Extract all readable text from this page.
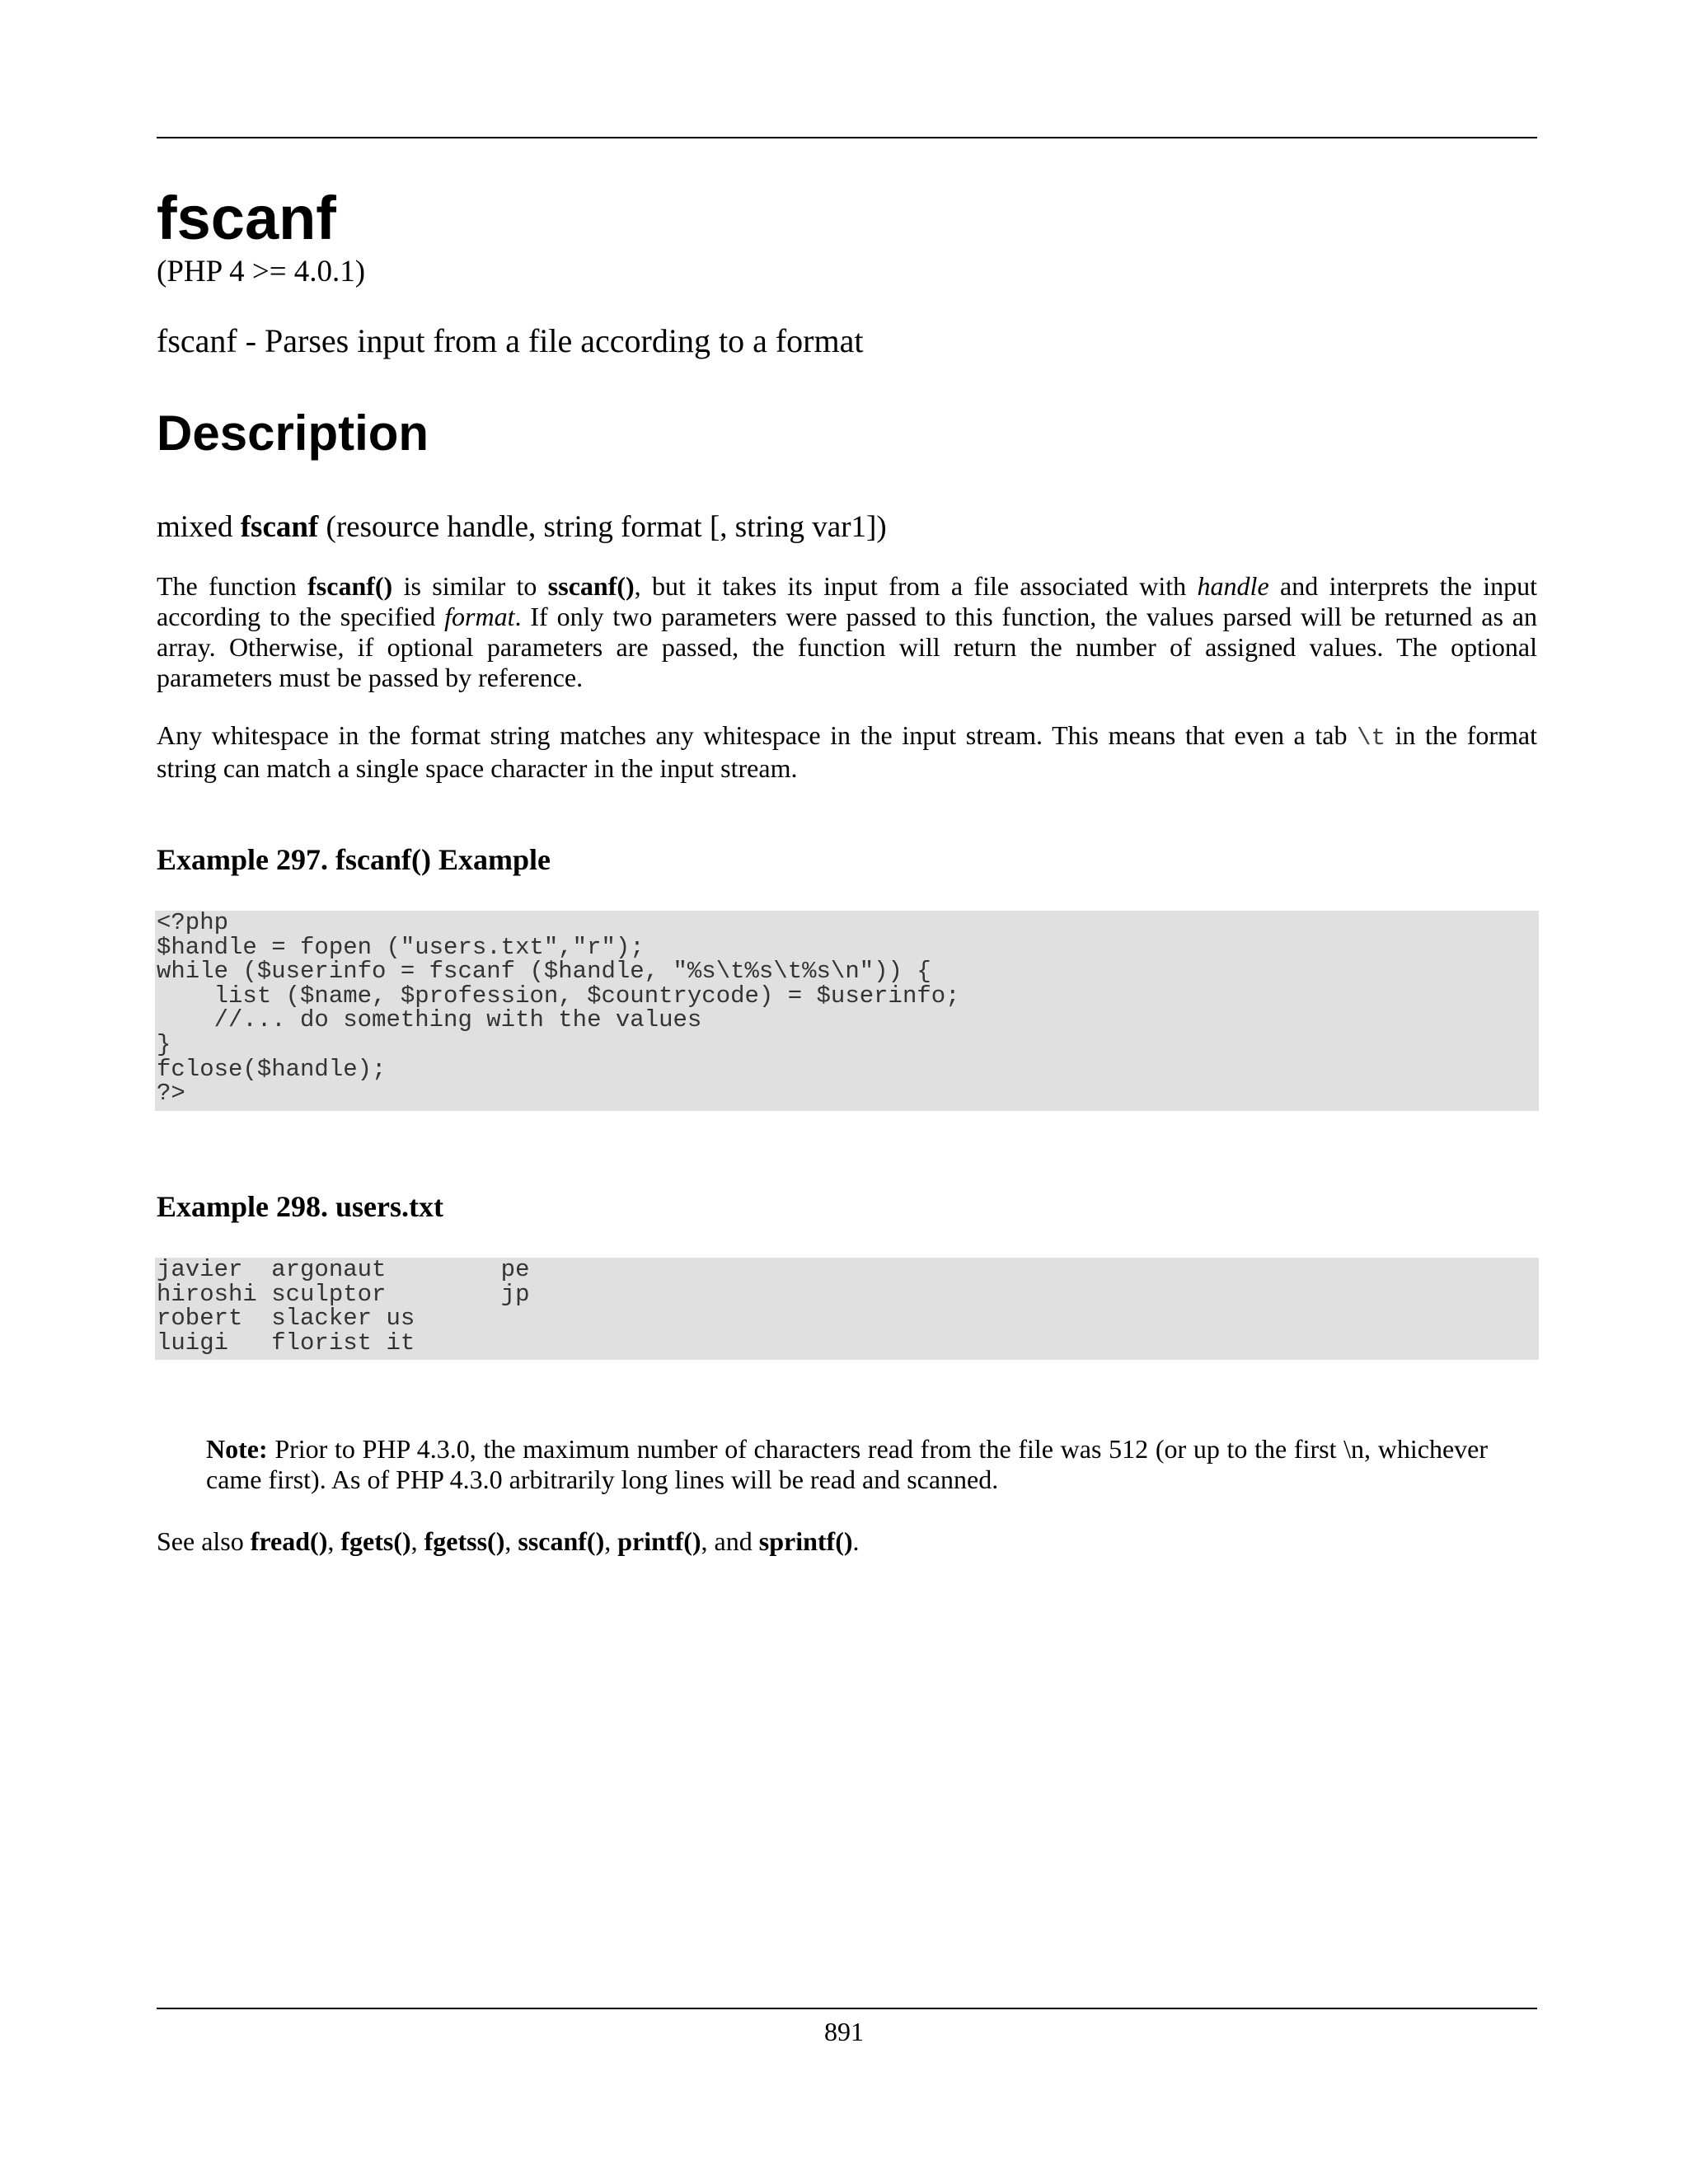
fscanf
(PHP 4 >= 4.0.1)
fscanf - Parses input from a file according to a format
Description
mixed fscanf (resource handle, string format [, string var1])
The function fscanf() is similar to sscanf(), but it takes its input from a file associated with handle and interprets the input according to the specified format. If only two parameters were passed to this function, the values parsed will be returned as an array. Otherwise, if optional parameters are passed, the function will return the number of assigned values. The optional parameters must be passed by reference.
Any whitespace in the format string matches any whitespace in the input stream. This means that even a tab \t in the format string can match a single space character in the input stream.
Example 297. fscanf() Example
<?php
$handle = fopen ("users.txt","r");
while ($userinfo = fscanf ($handle, "%s\t%s\t%s\n")) {
list ($name, $profession, $countrycode) = $userinfo;
//... do something with the values
}
fclose($handle);
?>
Example 298. users.txt
javier  argonaut        pe
hiroshi sculptor        jp
robert  slacker us
luigi   florist it
Note: Prior to PHP 4.3.0, the maximum number of characters read from the file was 512 (or up to the first \n, whichever came first). As of PHP 4.3.0 arbitrarily long lines will be read and scanned.
See also fread(), fgets(), fgetss(), sscanf(), printf(), and sprintf().
891
